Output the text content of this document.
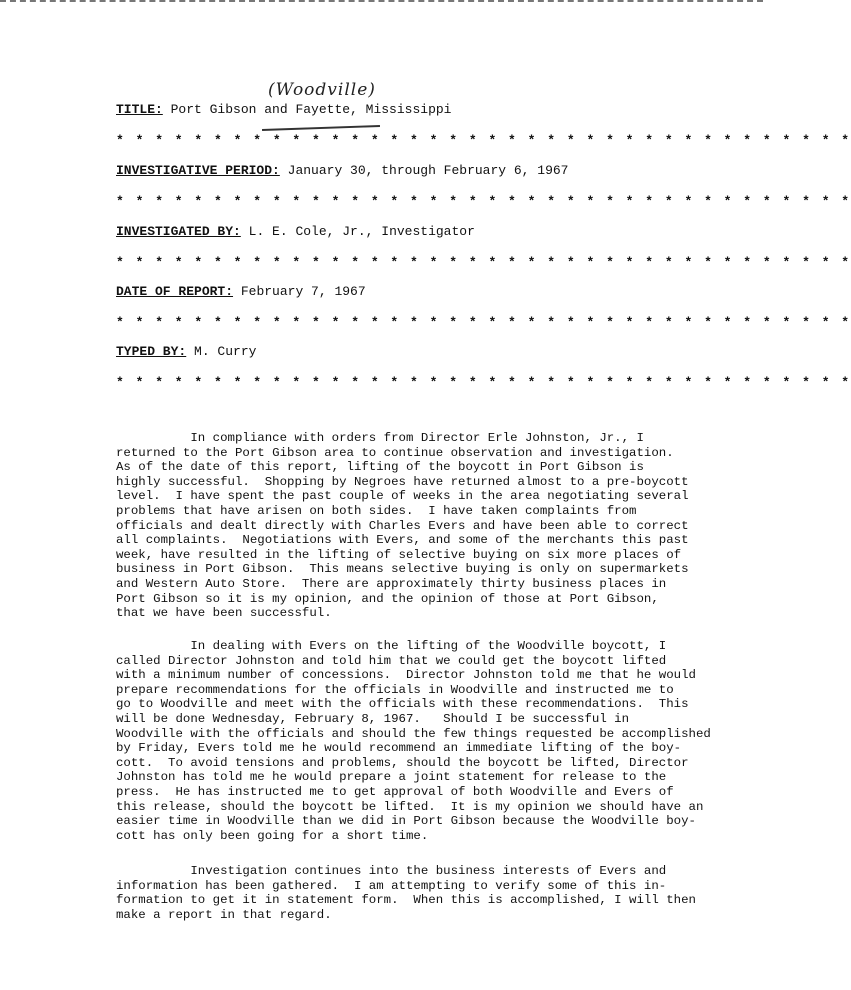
(Woodville)
TITLE: Port Gibson and Fayette, Mississippi
* * * * * * * * * * * * * * * * * * * * * * * * * * * * * * * * * * * * * *
INVESTIGATIVE PERIOD: January 30, through February 6, 1967
* * * * * * * * * * * * * * * * * * * * * * * * * * * * * * * * * * * * * *
INVESTIGATED BY: L. E. Cole, Jr., Investigator
* * * * * * * * * * * * * * * * * * * * * * * * * * * * * * * * * * * * * *
DATE OF REPORT: February 7, 1967
* * * * * * * * * * * * * * * * * * * * * * * * * * * * * * * * * * * * * *
TYPED BY: M. Curry
* * * * * * * * * * * * * * * * * * * * * * * * * * * * * * * * * * * * * *
In compliance with orders from Director Erle Johnston, Jr., I
returned to the Port Gibson area to continue observation and investigation.
As of the date of this report, lifting of the boycott in Port Gibson is
highly successful.  Shopping by Negroes have returned almost to a pre-boycott
level.  I have spent the past couple of weeks in the area negotiating several
problems that have arisen on both sides.  I have taken complaints from
officials and dealt directly with Charles Evers and have been able to correct
all complaints.  Negotiations with Evers, and some of the merchants this past
week, have resulted in the lifting of selective buying on six more places of
business in Port Gibson.  This means selective buying is only on supermarkets
and Western Auto Store.  There are approximately thirty business places in
Port Gibson so it is my opinion, and the opinion of those at Port Gibson,
that we have been successful.
In dealing with Evers on the lifting of the Woodville boycott, I
called Director Johnston and told him that we could get the boycott lifted
with a minimum number of concessions.  Director Johnston told me that he would
prepare recommendations for the officials in Woodville and instructed me to
go to Woodville and meet with the officials with these recommendations.  This
will be done Wednesday, February 8, 1967.   Should I be successful in
Woodville with the officials and should the few things requested be accomplished
by Friday, Evers told me he would recommend an immediate lifting of the boy-
cott.  To avoid tensions and problems, should the boycott be lifted, Director
Johnston has told me he would prepare a joint statement for release to the
press.  He has instructed me to get approval of both Woodville and Evers of
this release, should the boycott be lifted.  It is my opinion we should have an
easier time in Woodville than we did in Port Gibson because the Woodville boy-
cott has only been going for a short time.
Investigation continues into the business interests of Evers and
information has been gathered.  I am attempting to verify some of this in-
formation to get it in statement form.  When this is accomplished, I will then
make a report in that regard.
